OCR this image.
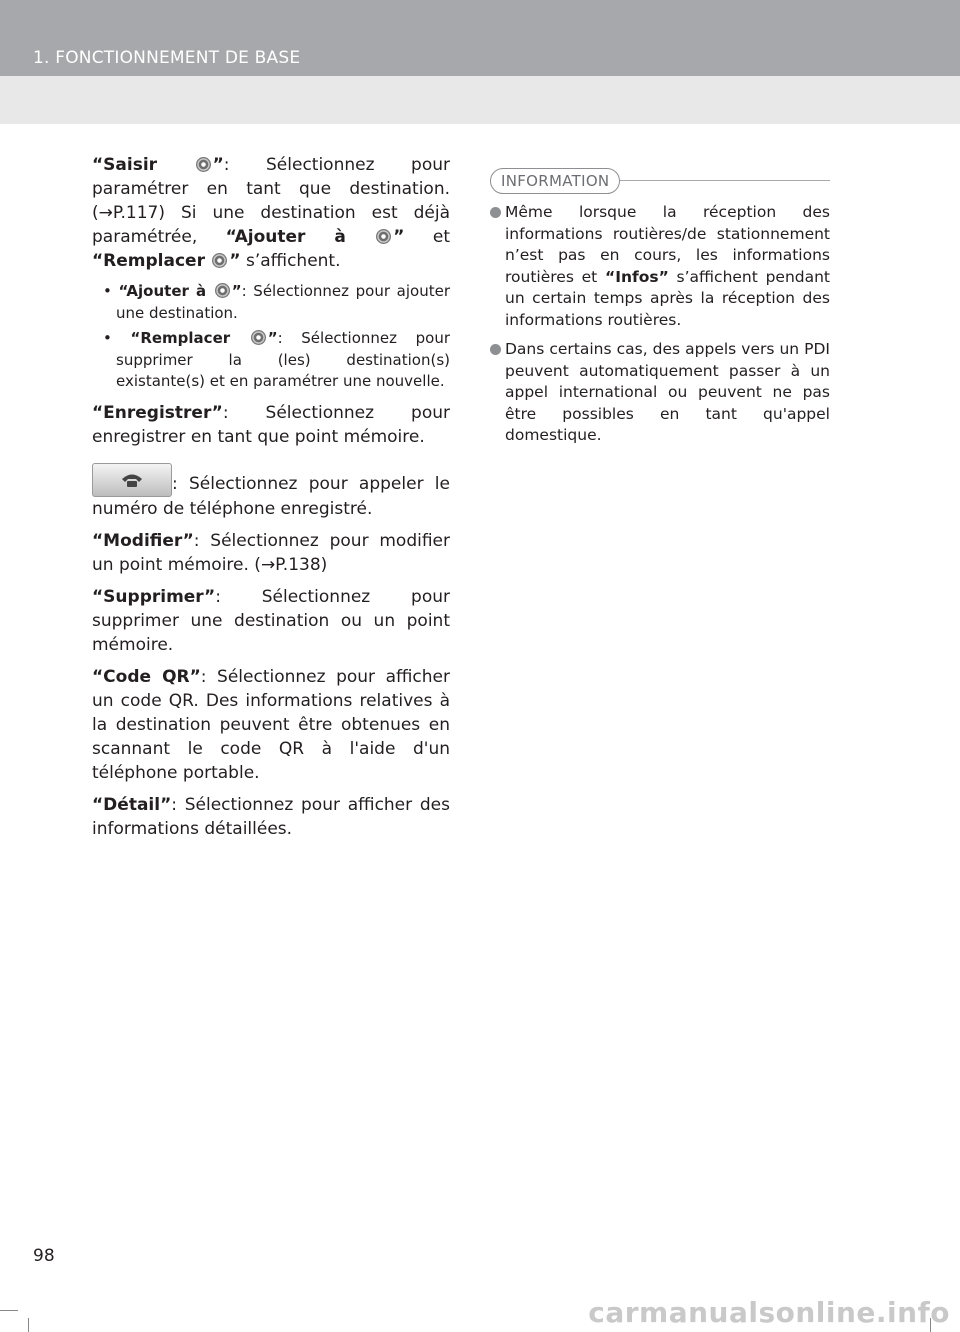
1. FONCTIONNEMENT DE BASE

“Saisir	”: Sélectionnez pour paramétrer en tant que destination. (→P.117) Si une destination est déjà paramétrée, “Ajouter à	” et “Remplacer ” s’affichent.

• “Ajouter à ”: Sélectionnez pour ajouter une destination.

• “Remplacer	”: Sélectionnez pour supprimer la (les) destination(s) existante(s) et en paramétrer une nouvelle.

“Enregistrer”: Sélectionnez pour enregistrer en tant que point mémoire.

: Sélectionnez pour appeler le numéro de téléphone enregistré.

“Modifier”: Sélectionnez pour modifier un point mémoire. (→P.138)

“Supprimer”: Sélectionnez pour supprimer une destination ou un point mémoire.

“Code QR”: Sélectionnez pour afficher un code QR. Des informations relatives à la destination peuvent être obtenues en scannant le code QR à l'aide d'un téléphone portable.

“Détail”: Sélectionnez pour afficher des informations détaillées.

INFORMATION
Même lorsque la réception des informations routières/de stationnement n’est pas en cours, les informations routières et “Infos” s’affichent pendant un certain temps après la réception des informations routières.
Dans certains cas, des appels vers un PDI peuvent automatiquement passer à un appel international ou peuvent ne pas être possibles en tant qu'appel domestique.
98
carmanualsonline.info
